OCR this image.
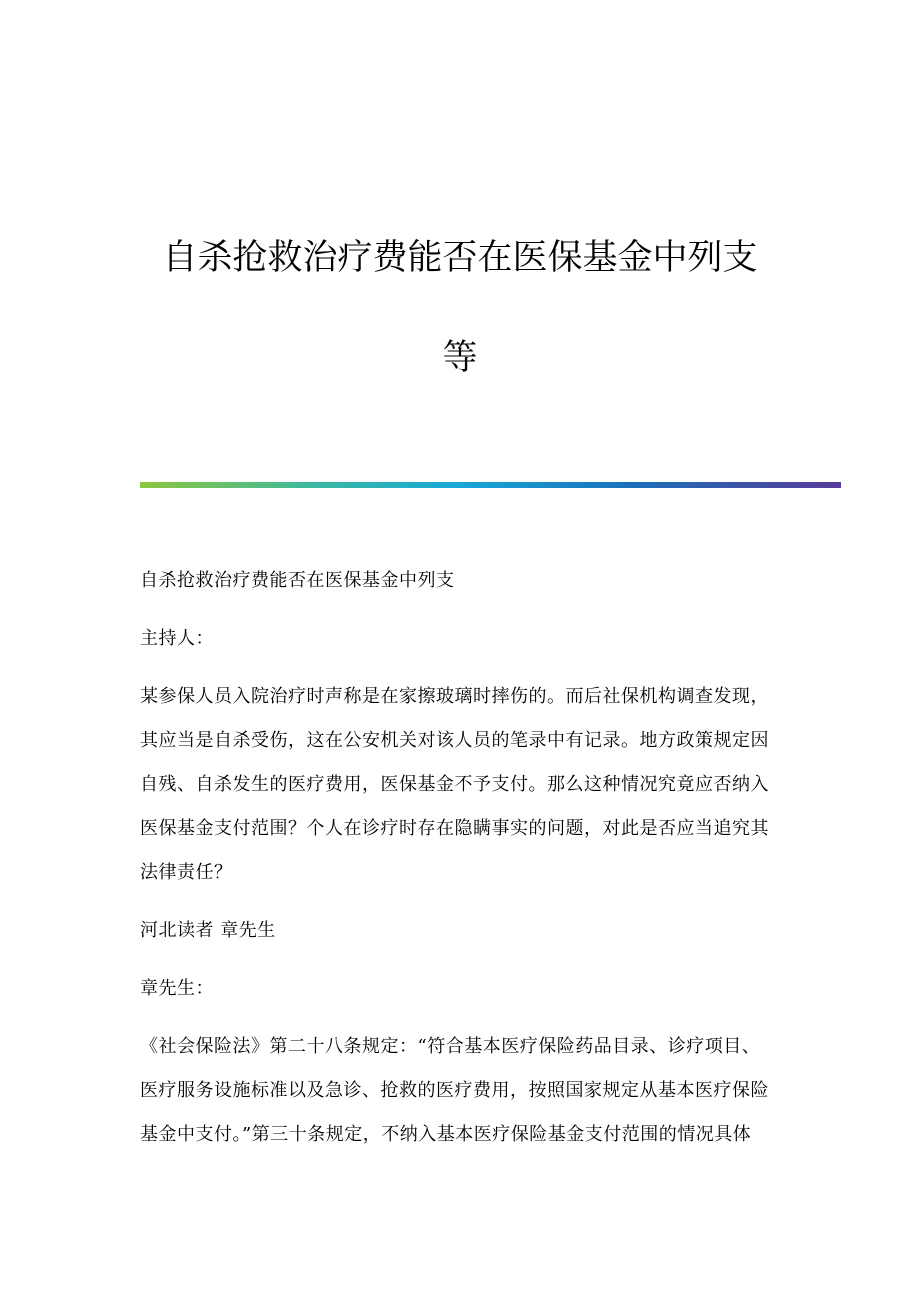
自杀抢救治疗费能否在医保基金中列支
等

自杀抢救治疗费能否在医保基金中列支

主持人：

某参保人员入院治疗时声称是在家擦玻璃时摔伤的。而后社保机构调查发现，
其应当是自杀受伤，这在公安机关对该人员的笔录中有记录。地方政策规定因
自残、自杀发生的医疗费用，医保基金不予支付。那么这种情况究竟应否纳入
医保基金支付范围？个人在诊疗时存在隐瞒事实的问题，对此是否应当追究其
法律责任？

河北读者 章先生

章先生：

《社会保险法》第二十八条规定：“符合基本医疗保险药品目录、诊疗项目、
医疗服务设施标准以及急诊、抢救的医疗费用，按照国家规定从基本医疗保险
基金中支付。”第三十条规定，不纳入基本医疗保险基金支付范围的情况具体
